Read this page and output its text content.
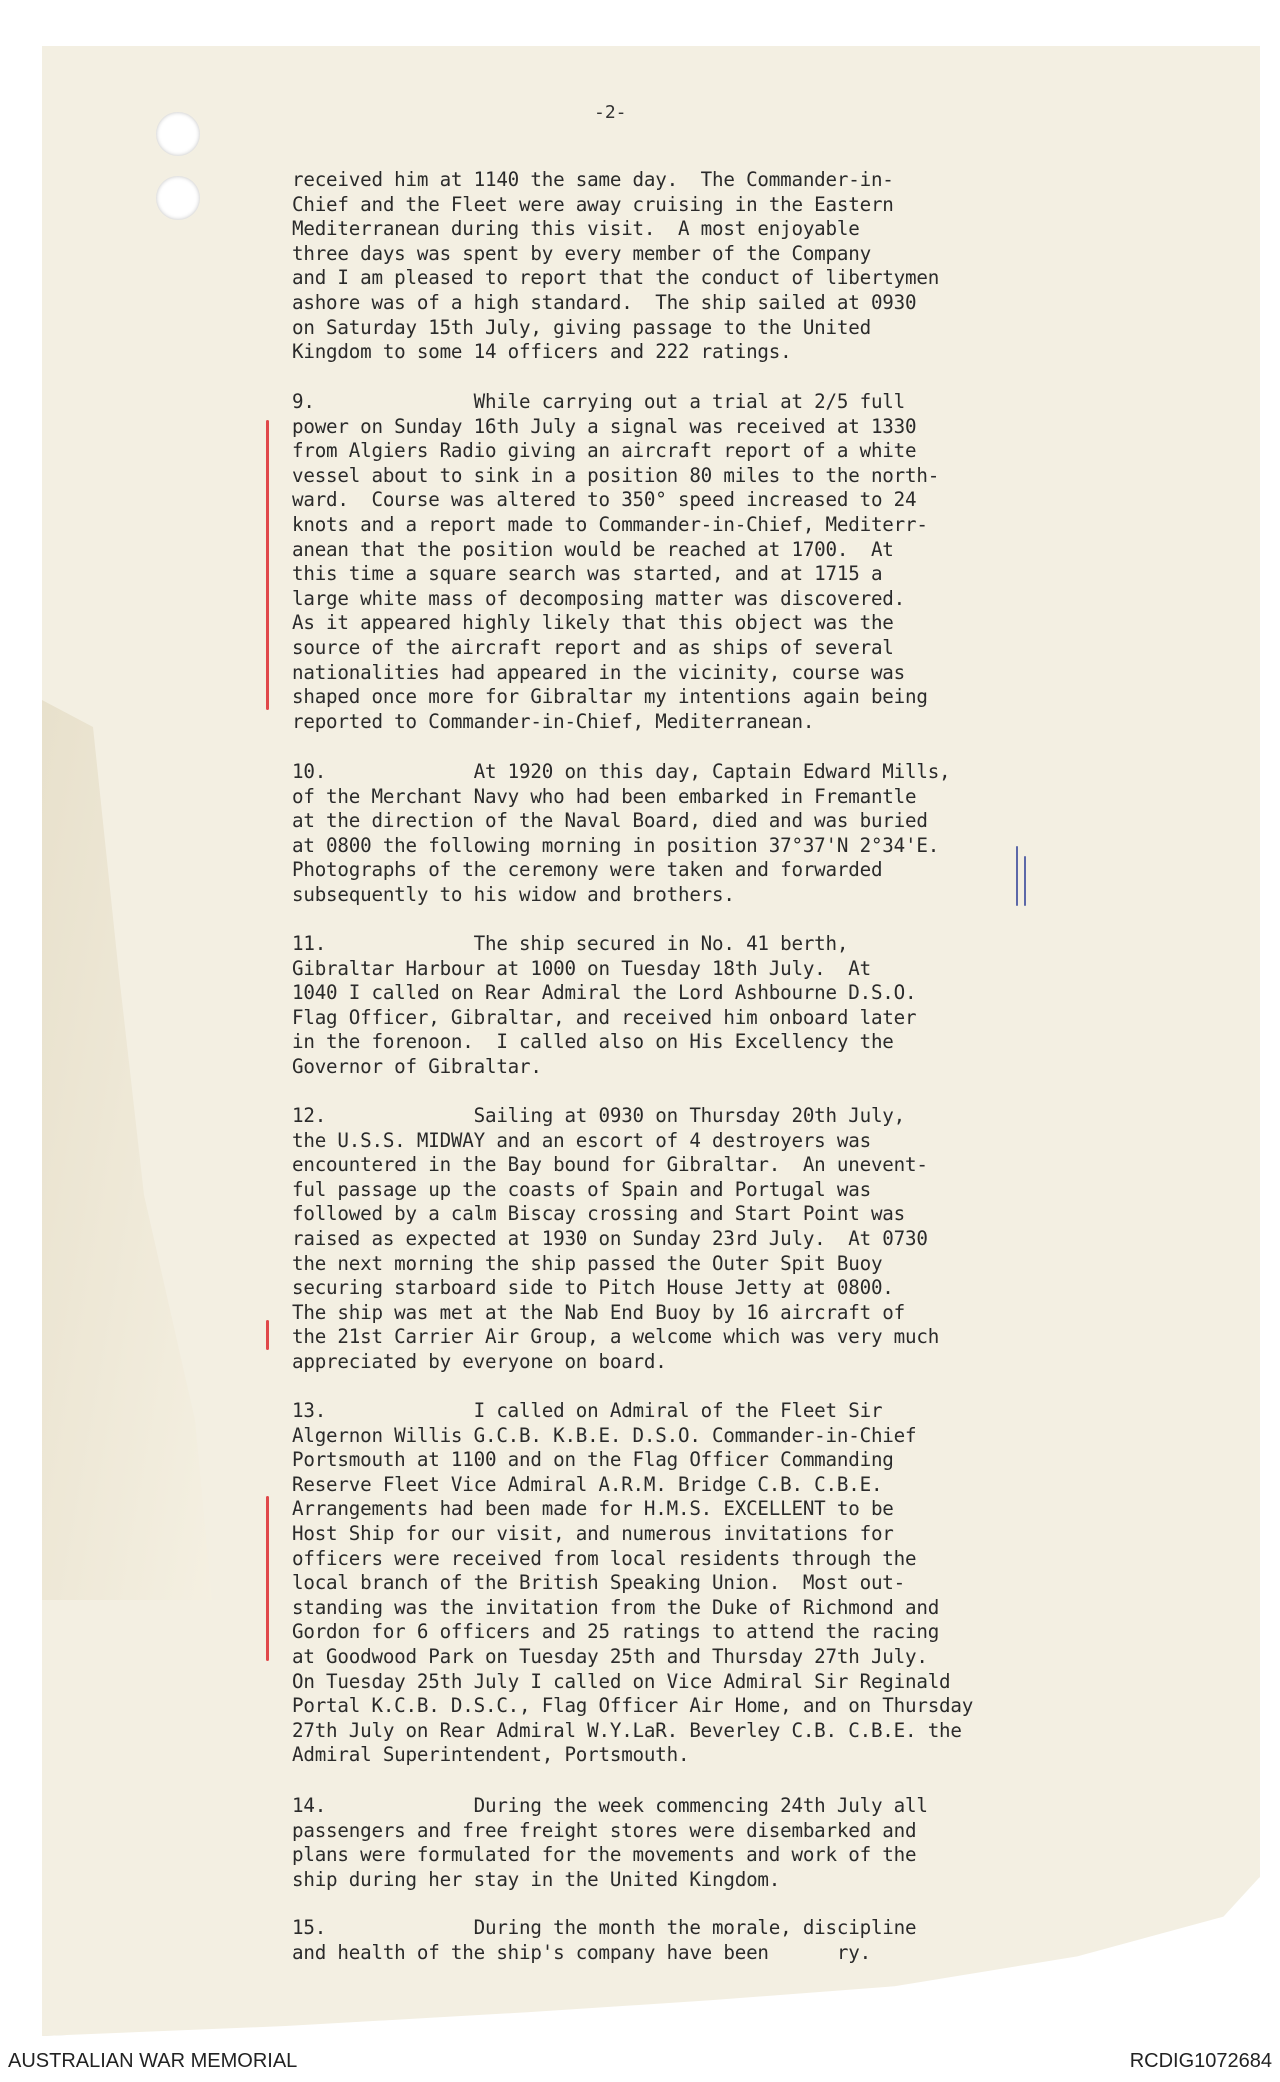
-2-
received him at 1140 the same day.  The Commander-in-
Chief and the Fleet were away cruising in the Eastern
Mediterranean during this visit.  A most enjoyable
three days was spent by every member of the Company
and I am pleased to report that the conduct of libertymen
ashore was of a high standard.  The ship sailed at 0930
on Saturday 15th July, giving passage to the United
Kingdom to some 14 officers and 222 ratings.
9.              While carrying out a trial at 2/5 full
power on Sunday 16th July a signal was received at 1330
from Algiers Radio giving an aircraft report of a white
vessel about to sink in a position 80 miles to the north-
ward.  Course was altered to 350° speed increased to 24
knots and a report made to Commander-in-Chief, Mediterr-
anean that the position would be reached at 1700.  At
this time a square search was started, and at 1715 a
large white mass of decomposing matter was discovered.
As it appeared highly likely that this object was the
source of the aircraft report and as ships of several
nationalities had appeared in the vicinity, course was
shaped once more for Gibraltar my intentions again being
reported to Commander-in-Chief, Mediterranean.
10.             At 1920 on this day, Captain Edward Mills,
of the Merchant Navy who had been embarked in Fremantle
at the direction of the Naval Board, died and was buried
at 0800 the following morning in position 37°37'N 2°34'E.
Photographs of the ceremony were taken and forwarded
subsequently to his widow and brothers.
11.             The ship secured in No. 41 berth,
Gibraltar Harbour at 1000 on Tuesday 18th July.  At
1040 I called on Rear Admiral the Lord Ashbourne D.S.O.
Flag Officer, Gibraltar, and received him onboard later
in the forenoon.  I called also on His Excellency the
Governor of Gibraltar.
12.             Sailing at 0930 on Thursday 20th July,
the U.S.S. MIDWAY and an escort of 4 destroyers was
encountered in the Bay bound for Gibraltar.  An unevent-
ful passage up the coasts of Spain and Portugal was
followed by a calm Biscay crossing and Start Point was
raised as expected at 1930 on Sunday 23rd July.  At 0730
the next morning the ship passed the Outer Spit Buoy
securing starboard side to Pitch House Jetty at 0800.
The ship was met at the Nab End Buoy by 16 aircraft of
the 21st Carrier Air Group, a welcome which was very much
appreciated by everyone on board.
13.             I called on Admiral of the Fleet Sir
Algernon Willis G.C.B. K.B.E. D.S.O. Commander-in-Chief
Portsmouth at 1100 and on the Flag Officer Commanding
Reserve Fleet Vice Admiral A.R.M. Bridge C.B. C.B.E.
Arrangements had been made for H.M.S. EXCELLENT to be
Host Ship for our visit, and numerous invitations for
officers were received from local residents through the
local branch of the British Speaking Union.  Most out-
standing was the invitation from the Duke of Richmond and
Gordon for 6 officers and 25 ratings to attend the racing
at Goodwood Park on Tuesday 25th and Thursday 27th July.
On Tuesday 25th July I called on Vice Admiral Sir Reginald
Portal K.C.B. D.S.C., Flag Officer Air Home, and on Thursday
27th July on Rear Admiral W.Y.LaR. Beverley C.B. C.B.E. the
Admiral Superintendent, Portsmouth.
14.             During the week commencing 24th July all
passengers and free freight stores were disembarked and
plans were formulated for the movements and work of the
ship during her stay in the United Kingdom.
15.             During the month the morale, discipline
and health of the ship's company have been      ry.
AUSTRALIAN WAR MEMORIAL	RCDIG1072684
